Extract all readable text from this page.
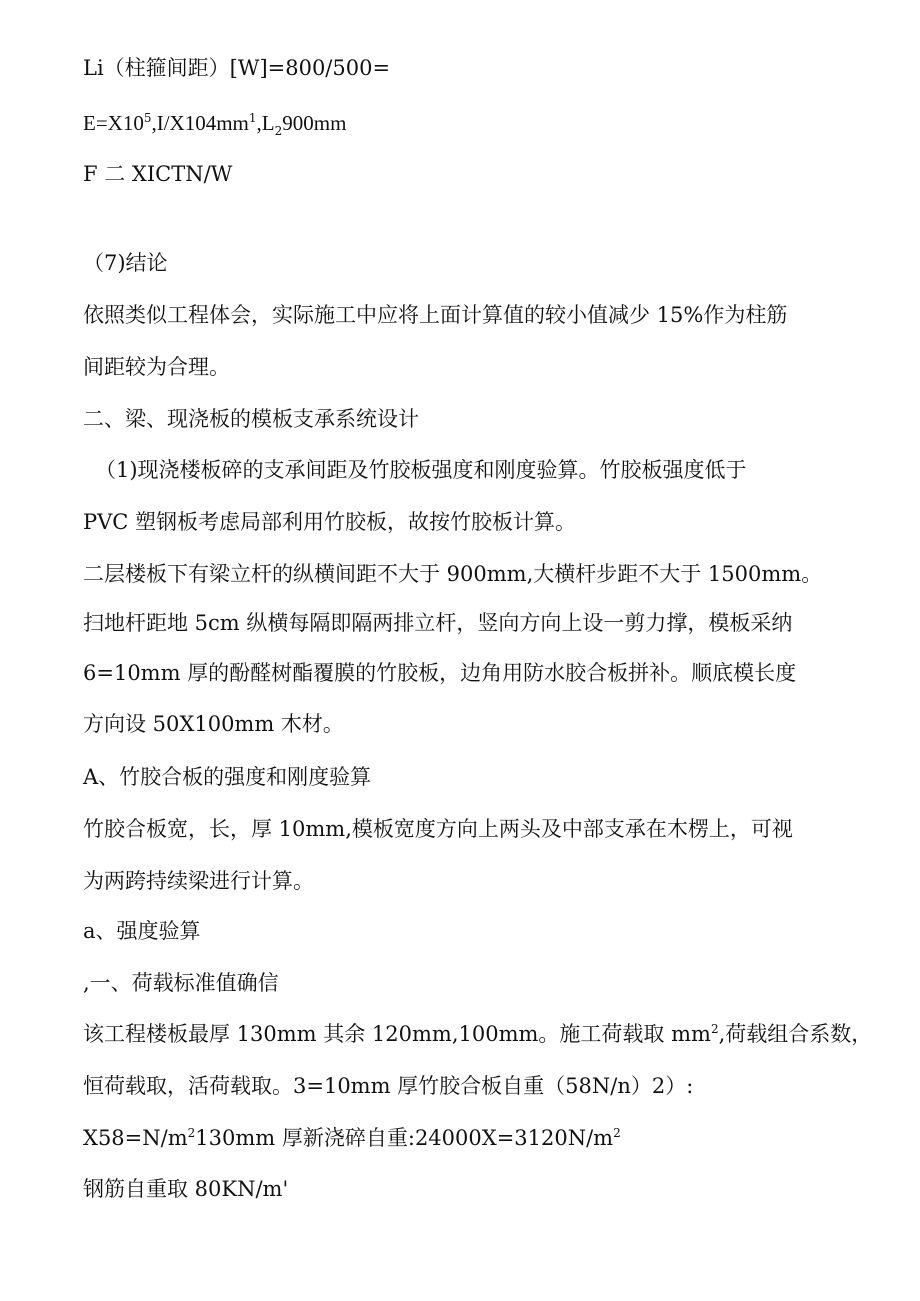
Li（柱箍间距）[W]=800/500=
$E=X10^5,I/X104mm^1,L_2900mm$
F 二 XICTN/W
（7)结论
依照类似工程体会，实际施工中应将上面计算值的较小值减少 15%作为柱筋
间距较为合理。
二、梁、现浇板的模板支承系统设计
（1)现浇楼板碎的支承间距及竹胶板强度和刚度验算。竹胶板强度低于
PVC 塑钢板考虑局部利用竹胶板，故按竹胶板计算。
二层楼板下有梁立杆的纵横间距不大于 900mm,大横杆步距不大于 1500mm。
扫地杆距地 5cm 纵横每隔即隔两排立杆，竖向方向上设一剪力撑，模板采纳
6=10mm 厚的酚醛树酯覆膜的竹胶板，边角用防水胶合板拼补。顺底模长度
方向设 50X100mm 木材。
A、竹胶合板的强度和刚度验算
竹胶合板宽，长，厚 10mm,模板宽度方向上两头及中部支承在木楞上，可视
为两跨持续梁进行计算。
a、强度验算
,一、荷载标准值确信
该工程楼板最厚 130mm 其余 120mm,100mm。施工荷载取 $mm^2$,荷载组合系数，
恒荷载取，活荷载取。3=10mm 厚竹胶合板自重（58N/n）2）:
$X58=N/m^2130mm$ 厚新浇碎自重$:24000X=3120N/m^2$
钢筋自重取 80KN/m'
